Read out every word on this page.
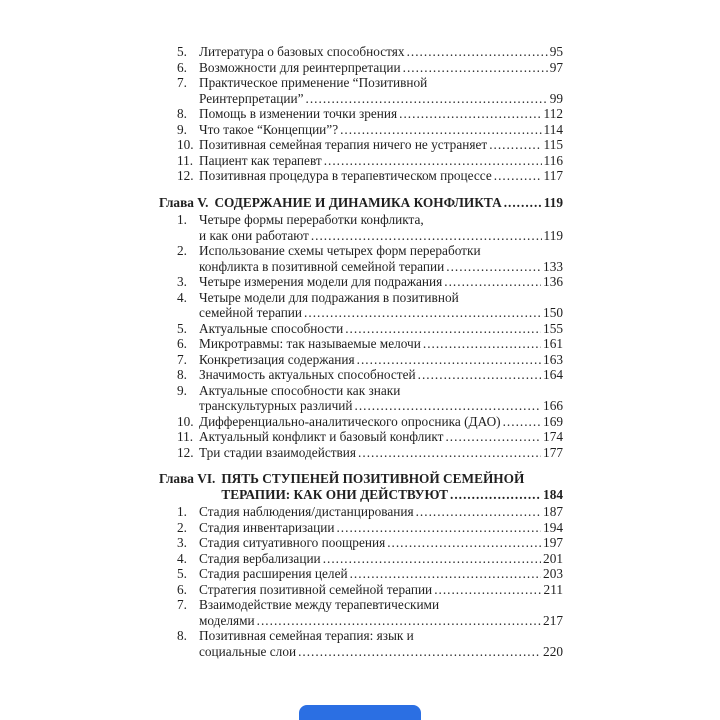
5. Литература о базовых способностях .....	95
6. Возможности для реинтерпретации .....	97
7. Практическое применение “Позитивной
Реинтерпретации” .....	99
8. Помощь в изменении точки зрения .....	112
9. Что такое “Концепции”? .....	114
10. Позитивная семейная терапия ничего не устраняет .....	115
11. Пациент как терапевт .....	116
12. Позитивная процедура в терапевтическом процессе .....	117
Глава V. СОДЕРЖАНИЕ И ДИНАМИКА КОНФЛИКТА .....	119
1. Четыре формы переработки конфликта,
и как они работают .....	119
2. Использование схемы четырех форм переработки
конфликта в позитивной семейной терапии .....	133
3. Четыре измерения модели для подражания .....	136
4. Четыре модели для подражания в позитивной
семейной терапии .....	150
5. Актуальные способности .....	155
6. Микротравмы: так называемые мелочи .....	161
7. Конкретизация содержания .....	163
8. Значимость актуальных способностей .....	164
9. Актуальные способности как знаки
транскультурных различий .....	166
10. Дифференциально-аналитического опросника (ДАО) .....	169
11. Актуальный конфликт и базовый конфликт .....	174
12. Три стадии взаимодействия .....	177
Глава VI. ПЯТЬ СТУПЕНЕЙ ПОЗИТИВНОЙ СЕМЕЙНОЙ
ТЕРАПИИ: КАК ОНИ ДЕЙСТВУЮТ .....	184
1. Стадия наблюдения/дистанцирования .....	187
2. Стадия инвентаризации .....	194
3. Стадия ситуативного поощрения .....	197
4. Стадия вербализации .....	201
5. Стадия расширения целей .....	203
6. Стратегия позитивной семейной терапии .....	211
7. Взаимодействие между терапевтическими
моделями .....	217
8. Позитивная семейная терапия: язык и
социальные слои .....	220
